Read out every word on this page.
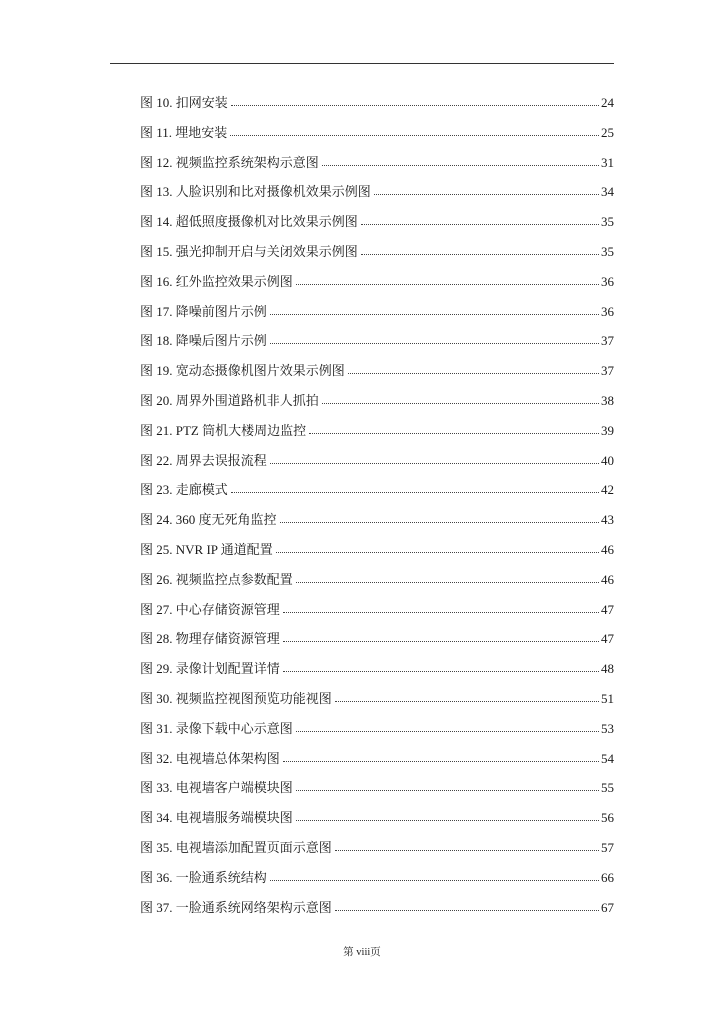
图 10. 扣网安装	24
图 11. 埋地安装	25
图 12. 视频监控系统架构示意图	31
图 13. 人脸识别和比对摄像机效果示例图	34
图 14. 超低照度摄像机对比效果示例图	35
图 15. 强光抑制开启与关闭效果示例图	35
图 16. 红外监控效果示例图	36
图 17. 降噪前图片示例	36
图 18. 降噪后图片示例	37
图 19. 宽动态摄像机图片效果示例图	37
图 20. 周界外围道路机非人抓拍	38
图 21. PTZ 筒机大楼周边监控	39
图 22. 周界去误报流程	40
图 23. 走廊模式	42
图 24. 360 度无死角监控	43
图 25. NVR IP 通道配置	46
图 26. 视频监控点参数配置	46
图 27. 中心存储资源管理	47
图 28. 物理存储资源管理	47
图 29. 录像计划配置详情	48
图 30. 视频监控视图预览功能视图	51
图 31. 录像下载中心示意图	53
图 32. 电视墙总体架构图	54
图 33. 电视墙客户端模块图	55
图 34. 电视墙服务端模块图	56
图 35. 电视墙添加配置页面示意图	57
图 36. 一脸通系统结构	66
图 37. 一脸通系统网络架构示意图	67
第 viii页
